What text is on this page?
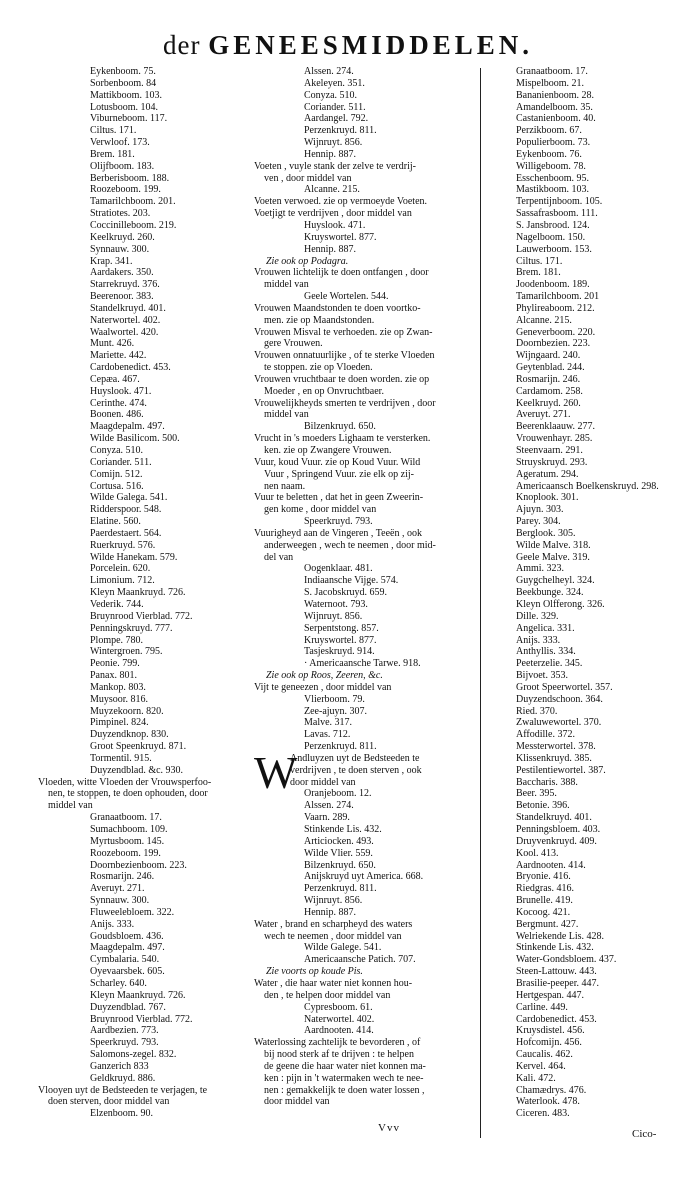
der GENEESMIDDELEN.
Eykenboom. 75.
Sorbenboom. 84
Mattikboom. 103.
Lotusboom. 104.
Viburneboom. 117.
Ciltus. 171.
Verwloof. 173.
Brem. 181.
Olijfboom. 183.
Berberisboom. 188.
Roozeboom. 199.
Tamarilchboom. 201.
Stratiotes. 203.
Coccinilleboom. 219.
Keelkruyd. 260.
Synnauw. 300.
Krap. 341.
Aardakers. 350.
Starrekruyd. 376.
Beerenoor. 383.
Standelkruyd. 401.
Naterwortel. 402.
Waalwortel. 420.
Munt. 426.
Mariette. 442.
Cardobenedict. 453.
Cepæa. 467.
Huyslook. 471.
Cerinthe. 474.
Boonen. 486.
Maagdepalm. 497.
Wilde Basilicom. 500.
Conyza. 510.
Coriander. 511.
Comijn. 512.
Cortusa. 516.
Wilde Galega. 541.
Ridderspoor. 548.
Elatine. 560.
Paerdestaert. 564.
Ruerkruyd. 576.
Wilde Hanekam. 579.
Porcelein. 620.
Limonium. 712.
Kleyn Maankruyd. 726.
Vederik. 744.
Bruynrood Vierblad. 772.
Penningskruyd. 777.
Plompe. 780.
Wintergroen. 795.
Peonie. 799.
Panax. 801.
Mankop. 803.
Muysoor. 816.
Muyzekoorn. 820.
Pimpinel. 824.
Duyzendknop. 830.
Groot Speenkruyd. 871.
Tormentil. 915.
Duyzendblad. &c. 930.
Vloeden, witte Vloeden der Vrouwsperfoo-
nen, te stoppen, te doen ophouden, door
middel van
Granaatboom. 17.
Sumachboom. 109.
Myrtusboom. 145.
Roozeboom. 199.
Doornbezienboom. 223.
Rosmarijn. 246.
Averuyt. 271.
Synnauw. 300.
Fluweelebloem. 322.
Anijs. 333.
Goudsbloem. 436.
Maagdepalm. 497.
Cymbalaria. 540.
Oyevaarsbek. 605.
Scharley. 640.
Kleyn Maankruyd. 726.
Duyzendblad. 767.
Bruynrood Vierblad. 772.
Aardbezien. 773.
Speerkruyd. 793.
Salomons-zegel. 832.
Ganzerich 833
Geldkruyd. 886.
Vlooyen uyt de Bedsteeden te verjagen, te
doen sterven, door middel van
Elzenboom. 90.
Alssen. 274.
Akeleyen. 351.
Conyza. 510.
Coriander. 511.
Aardangel. 792.
Perzenkruyd. 811.
Wijnruyt. 856.
Hennip. 887.
Voeten , vuyle stank der zelve te verdrij-
ven , door middel van
Alcanne. 215.
Voeten verwoed. zie op vermoeyde Voeten.
Voetjigt te verdrijven , door middel van
Huyslook. 471.
Kruyswortel. 877.
Hennip. 887.
Zie ook op Podagra.
Vrouwen lichtelijk te doen ontfangen , door
middel van
Geele Wortelen. 544.
Vrouwen Maandstonden te doen voortko-
men. zie op Maandstonden.
Vrouwen Misval te verhoeden. zie op Zwan-
gere Vrouwen.
Vrouwen onnatuurlijke , of te sterke Vloeden
te stoppen. zie op Vloeden.
Vrouwen vruchtbaar te doen worden. zie op
Moeder , en op Onvruchtbaer.
Vrouwelijkheyds smerten te verdrijven , door
middel van
Bilzenkruyd. 650.
Vrucht in 's moeders Lighaam te versterken.
ken. zie op Zwangere Vrouwen.
Vuur, koud Vuur. zie op Koud Vuur. Wild
Vuur , Springend Vuur. zie elk op zij-
nen naam.
Vuur te beletten , dat het in geen Zweerin-
gen kome , door middel van
Speerkruyd. 793.
Vuurigheyd aan de Vingeren , Teeën , ook
anderweegen , wech te neemen , door mid-
del van
Oogenklaar. 481.
Indiaansche Vijge. 574.
S. Jacobskruyd. 659.
Waternoot. 793.
Wijnruyt. 856.
Serpentstong. 857.
Kruyswortel. 877.
Tasjeskruyd. 914.
· Americaansche Tarwe. 918.
Zie ook op Roos, Zeeren, &c.
Vijt te geneezen , door middel van
Vlierboom. 79.
Zee-ajuyn. 307.
Malve. 317.
Lavas. 712.
Perzenkruyd. 811.
W
Andluyzen uyt de Bedsteeden te
verdrijven , te doen sterven , ook
door middel van
Oranjeboom. 12.
Alssen. 274.
Vaarn. 289.
Stinkende Lis. 432.
Articiocken. 493.
Wilde Vlier. 559.
Bilzenkruyd. 650.
Anijskruyd uyt America. 668.
Perzenkruyd. 811.
Wijnruyt. 856.
Hennip. 887.
Water , brand en scharpheyd des waters
wech te neemen , door middel van
Wilde Galege. 541.
Americaansche Patich. 707.
Zie voorts op koude Pis.
Water , die haar water niet konnen hou-
den , te helpen door middel van
Cypresboom. 61.
Naterwortel. 402.
Aardnooten. 414.
Waterlossing zachtelijk te bevorderen , of
bij nood sterk af te drijven : te helpen
de geene die haar water niet konnen ma-
ken : pijn in 't watermaken wech te nee-
nen : gemakkelijk te doen water lossen ,
door middel van
Granaatboom. 17.
Mispelboom. 21.
Bananienboom. 28.
Amandelboom. 35.
Castanienboom. 40.
Perzikboom. 67.
Populierboom. 73.
Eykenboom. 76.
Willigeboom. 78.
Esschenboom. 95.
Mastikboom. 103.
Terpentijnboom. 105.
Sassafrasboom. 111.
S. Jansbrood. 124.
Nagelboom. 150.
Lauwerboom. 153.
Ciltus. 171.
Brem. 181.
Joodenboom. 189.
Tamarilchboom. 201
Phylireaboom. 212.
Alcanne. 215.
Geneverboom. 220.
Doornbezien. 223.
Wijngaard. 240.
Geytenblad. 244.
Rosmarijn. 246.
Cardamom. 258.
Keelkruyd. 260.
Averuyt. 271.
Beerenklaauw. 277.
Vrouwenhayr. 285.
Steenvaarn. 291.
Struyskruyd. 293.
Ageratum. 294.
Americaansch Boelkenskruyd. 298.
Knoplook. 301.
Ajuyn. 303.
Parey. 304.
Berglook. 305.
Wilde Malve. 318.
Geele Malve. 319.
Ammi. 323.
Guygchelheyl. 324.
Beekbunge. 324.
Kleyn Olfferong. 326.
Dille. 329.
Angelica. 331.
Anijs. 333.
Anthyllis. 334.
Peeterzelie. 345.
Bijvoet. 353.
Groot Speerwortel. 357.
Duyzendschoon. 364.
Ried. 370.
Zwaluwewortel. 370.
Affodille. 372.
Messterwortel. 378.
Klissenkruyd. 385.
Pestilentiewortel. 387.
Baccharis. 388.
Beer. 395.
Betonie. 396.
Standelkruyd. 401.
Penningsbloem. 403.
Druyvenkruyd. 409.
Kool. 413.
Aardnooten. 414.
Bryonie. 416.
Riedgras. 416.
Brunelle. 419.
Kocoog. 421.
Bergmunt. 427.
Welriekende Lis. 428.
Stinkende Lis. 432.
Water-Gondsbloem. 437.
Steen-Lattouw. 443.
Brasilie-peeper. 447.
Hertgespan. 447.
Carline. 449.
Cardobenedict. 453.
Kruysdistel. 456.
Hofcomijn. 456.
Caucalis. 462.
Kervel. 464.
Kali. 472.
Chamædrys. 476.
Waterlook. 478.
Ciceren. 483.
Vvv	Cico-
